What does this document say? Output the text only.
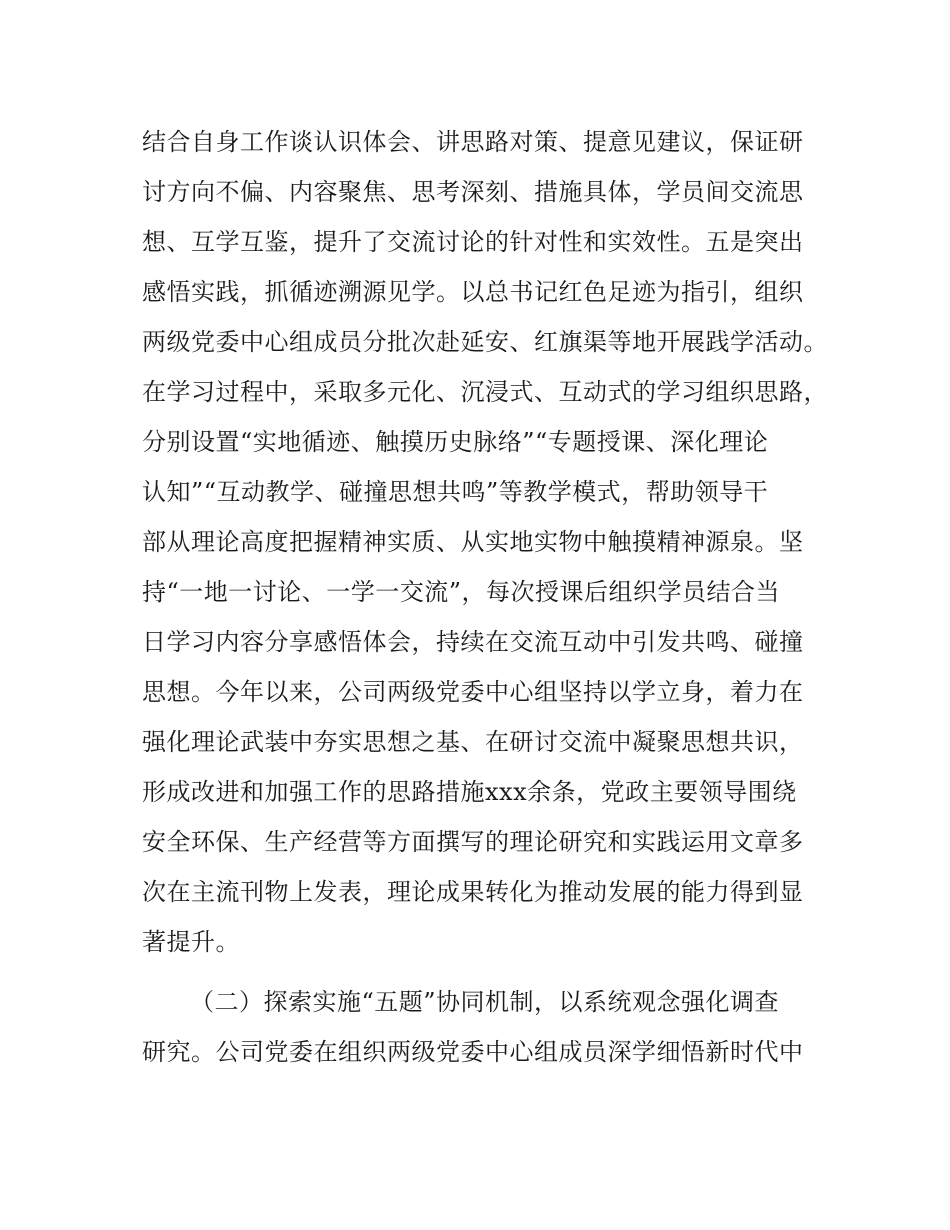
结合自身工作谈认识体会、讲思路对策、提意见建议，保证研
讨方向不偏、内容聚焦、思考深刻、措施具体，学员间交流思
想、互学互鉴，提升了交流讨论的针对性和实效性。五是突出
感悟实践，抓循迹溯源见学。以总书记红色足迹为指引，组织
两级党委中心组成员分批次赴延安、红旗渠等地开展践学活动。
在学习过程中，采取多元化、沉浸式、互动式的学习组织思路，
分别设置“实地循迹、触摸历史脉络”“专题授课、深化理论
认知”“互动教学、碰撞思想共鸣”等教学模式，帮助领导干
部从理论高度把握精神实质、从实地实物中触摸精神源泉。坚
持“一地一讨论、一学一交流”，每次授课后组织学员结合当
日学习内容分享感悟体会，持续在交流互动中引发共鸣、碰撞
思想。今年以来，公司两级党委中心组坚持以学立身，着力在
强化理论武装中夯实思想之基、在研讨交流中凝聚思想共识，
形成改进和加强工作的思路措施xxx余条，党政主要领导围绕
安全环保、生产经营等方面撰写的理论研究和实践运用文章多
次在主流刊物上发表，理论成果转化为推动发展的能力得到显
著提升。
（二）探索实施“五题”协同机制，以系统观念强化调查
研究。公司党委在组织两级党委中心组成员深学细悟新时代中
